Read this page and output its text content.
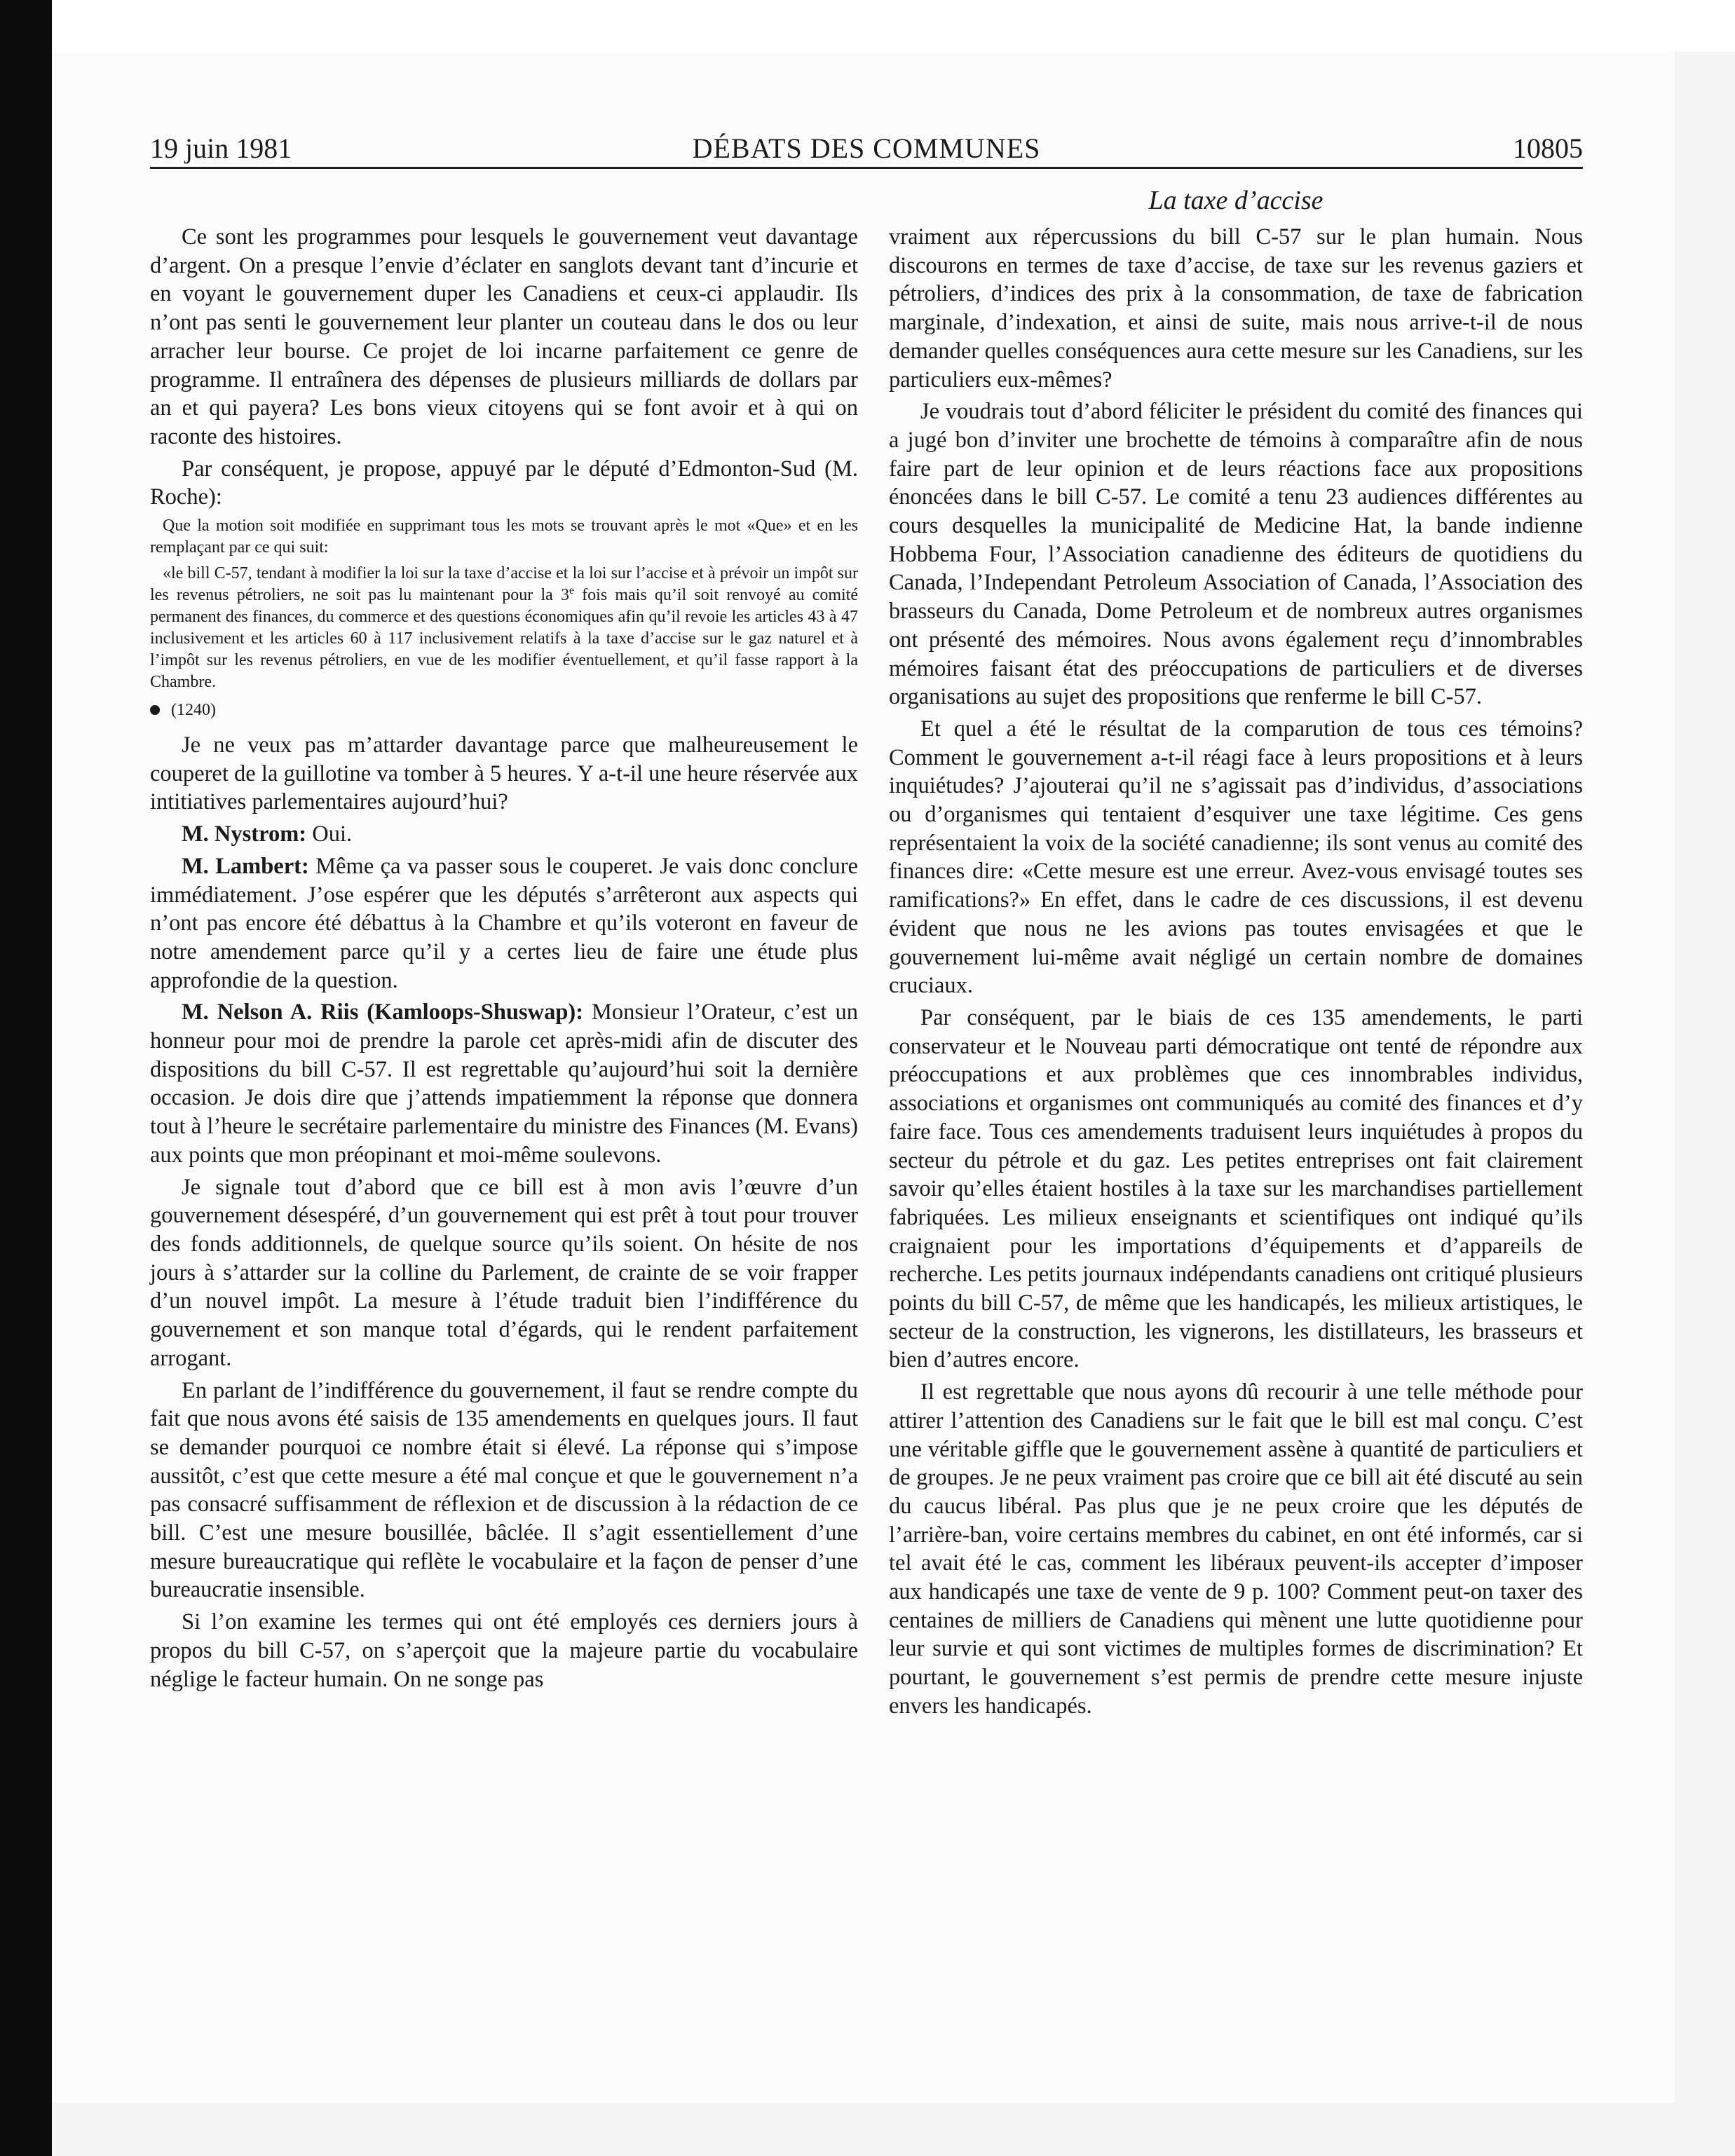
19 juin 1981	DÉBATS DES COMMUNES	10805
La taxe d’accise

Ce sont les programmes pour lesquels le gouvernement veut davantage d’argent. On a presque l’envie d’éclater en sanglots devant tant d’incurie et en voyant le gouvernement duper les Canadiens et ceux-ci applaudir. Ils n’ont pas senti le gouvernement leur planter un couteau dans le dos ou leur arracher leur bourse. Ce projet de loi incarne parfaitement ce genre de programme. Il entraînera des dépenses de plusieurs milliards de dollars par an et qui payera? Les bons vieux citoyens qui se font avoir et à qui on raconte des histoires.

Par conséquent, je propose, appuyé par le député d’Edmonton-Sud (M. Roche):

Que la motion soit modifiée en supprimant tous les mots se trouvant après le mot «Que» et en les remplaçant par ce qui suit:

«le bill C-57, tendant à modifier la loi sur la taxe d’accise et la loi sur l’accise et à prévoir un impôt sur les revenus pétroliers, ne soit pas lu maintenant pour la 3e fois mais qu’il soit renvoyé au comité permanent des finances, du commerce et des questions économiques afin qu’il revoie les articles 43 à 47 inclusivement et les articles 60 à 117 inclusivement relatifs à la taxe d’accise sur le gaz naturel et à l’impôt sur les revenus pétroliers, en vue de les modifier éventuellement, et qu’il fasse rapport à la Chambre.

(1240)

Je ne veux pas m’attarder davantage parce que malheureusement le couperet de la guillotine va tomber à 5 heures. Y a-t-il une heure réservée aux intitiatives parlementaires aujourd’hui?

M. Nystrom: Oui.

M. Lambert: Même ça va passer sous le couperet. Je vais donc conclure immédiatement. J’ose espérer que les députés s’arrêteront aux aspects qui n’ont pas encore été débattus à la Chambre et qu’ils voteront en faveur de notre amendement parce qu’il y a certes lieu de faire une étude plus approfondie de la question.

M. Nelson A. Riis (Kamloops-Shuswap): Monsieur l’Orateur, c’est un honneur pour moi de prendre la parole cet après-midi afin de discuter des dispositions du bill C-57. Il est regrettable qu’aujourd’hui soit la dernière occasion. Je dois dire que j’attends impatiemment la réponse que donnera tout à l’heure le secrétaire parlementaire du ministre des Finances (M. Evans) aux points que mon préopinant et moi-même soulevons.

Je signale tout d’abord que ce bill est à mon avis l’œuvre d’un gouvernement désespéré, d’un gouvernement qui est prêt à tout pour trouver des fonds additionnels, de quelque source qu’ils soient. On hésite de nos jours à s’attarder sur la colline du Parlement, de crainte de se voir frapper d’un nouvel impôt. La mesure à l’étude traduit bien l’indifférence du gouvernement et son manque total d’égards, qui le rendent parfaitement arrogant.

En parlant de l’indifférence du gouvernement, il faut se rendre compte du fait que nous avons été saisis de 135 amendements en quelques jours. Il faut se demander pourquoi ce nombre était si élevé. La réponse qui s’impose aussitôt, c’est que cette mesure a été mal conçue et que le gouvernement n’a pas consacré suffisamment de réflexion et de discussion à la rédaction de ce bill. C’est une mesure bousillée, bâclée. Il s’agit essentiellement d’une mesure bureaucratique qui reflète le vocabulaire et la façon de penser d’une bureaucratie insensible.

Si l’on examine les termes qui ont été employés ces derniers jours à propos du bill C-57, on s’aperçoit que la majeure partie du vocabulaire néglige le facteur humain. On ne songe pas

vraiment aux répercussions du bill C-57 sur le plan humain. Nous discourons en termes de taxe d’accise, de taxe sur les revenus gaziers et pétroliers, d’indices des prix à la consommation, de taxe de fabrication marginale, d’indexation, et ainsi de suite, mais nous arrive-t-il de nous demander quelles conséquences aura cette mesure sur les Canadiens, sur les particuliers eux-mêmes?

Je voudrais tout d’abord féliciter le président du comité des finances qui a jugé bon d’inviter une brochette de témoins à comparaître afin de nous faire part de leur opinion et de leurs réactions face aux propositions énoncées dans le bill C-57. Le comité a tenu 23 audiences différentes au cours desquelles la municipalité de Medicine Hat, la bande indienne Hobbema Four, l’Association canadienne des éditeurs de quotidiens du Canada, l’Independant Petroleum Association of Canada, l’Association des brasseurs du Canada, Dome Petroleum et de nombreux autres organismes ont présenté des mémoires. Nous avons également reçu d’innombrables mémoires faisant état des préoccupations de particuliers et de diverses organisations au sujet des propositions que renferme le bill C-57.

Et quel a été le résultat de la comparution de tous ces témoins? Comment le gouvernement a-t-il réagi face à leurs propositions et à leurs inquiétudes? J’ajouterai qu’il ne s’agissait pas d’individus, d’associations ou d’organismes qui tentaient d’esquiver une taxe légitime. Ces gens représentaient la voix de la société canadienne; ils sont venus au comité des finances dire: «Cette mesure est une erreur. Avez-vous envisagé toutes ses ramifications?» En effet, dans le cadre de ces discussions, il est devenu évident que nous ne les avions pas toutes envisagées et que le gouvernement lui-même avait négligé un certain nombre de domaines cruciaux.

Par conséquent, par le biais de ces 135 amendements, le parti conservateur et le Nouveau parti démocratique ont tenté de répondre aux préoccupations et aux problèmes que ces innombrables individus, associations et organismes ont communiqués au comité des finances et d’y faire face. Tous ces amendements traduisent leurs inquiétudes à propos du secteur du pétrole et du gaz. Les petites entreprises ont fait clairement savoir qu’elles étaient hostiles à la taxe sur les marchandises partiellement fabriquées. Les milieux enseignants et scientifiques ont indiqué qu’ils craignaient pour les importations d’équipements et d’appareils de recherche. Les petits journaux indépendants canadiens ont critiqué plusieurs points du bill C-57, de même que les handicapés, les milieux artistiques, le secteur de la construction, les vignerons, les distillateurs, les brasseurs et bien d’autres encore.

Il est regrettable que nous ayons dû recourir à une telle méthode pour attirer l’attention des Canadiens sur le fait que le bill est mal conçu. C’est une véritable giffle que le gouvernement assène à quantité de particuliers et de groupes. Je ne peux vraiment pas croire que ce bill ait été discuté au sein du caucus libéral. Pas plus que je ne peux croire que les députés de l’arrière-ban, voire certains membres du cabinet, en ont été informés, car si tel avait été le cas, comment les libéraux peuvent-ils accepter d’imposer aux handicapés une taxe de vente de 9 p. 100? Comment peut-on taxer des centaines de milliers de Canadiens qui mènent une lutte quotidienne pour leur survie et qui sont victimes de multiples formes de discrimination? Et pourtant, le gouvernement s’est permis de prendre cette mesure injuste envers les handicapés.
